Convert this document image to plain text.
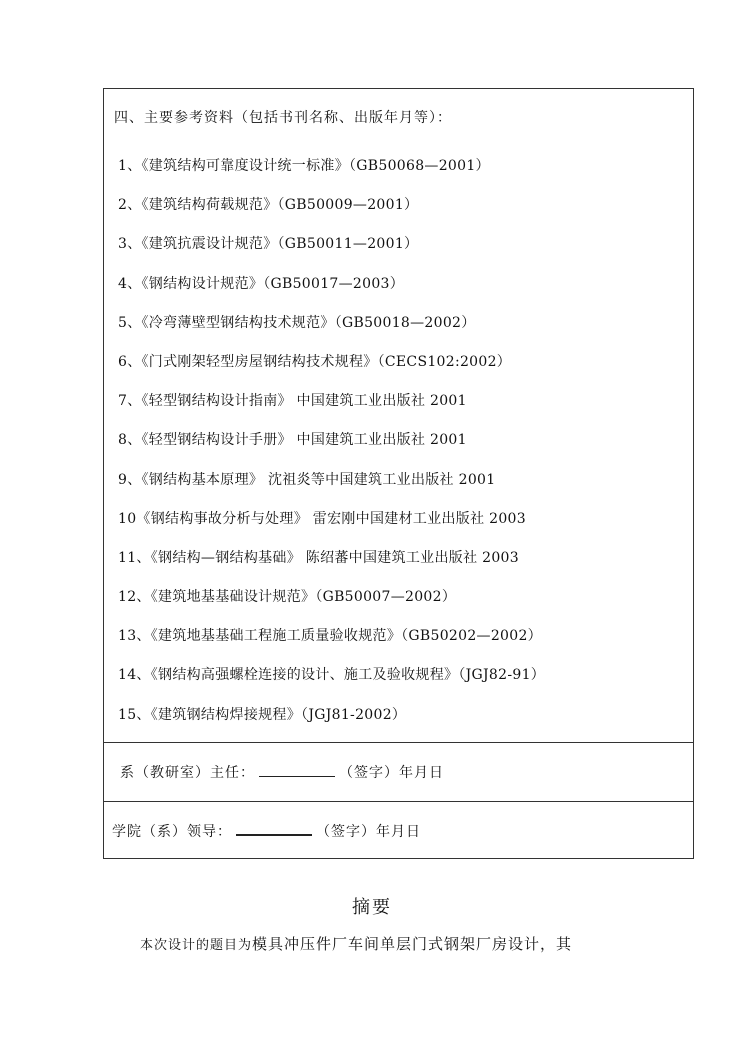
四、主要参考资料（包括书刊名称、出版年月等）：
1、《建筑结构可靠度设计统一标准》（GB50068—2001）
2、《建筑结构荷载规范》（GB50009—2001）
3、《建筑抗震设计规范》（GB50011—2001）
4、《钢结构设计规范》（GB50017—2003）
5、《冷弯薄壁型钢结构技术规范》（GB50018—2002）
6、《门式刚架轻型房屋钢结构技术规程》（CECS102:2002）
7、《轻型钢结构设计指南》 中国建筑工业出版社 2001
8、《轻型钢结构设计手册》 中国建筑工业出版社 2001
9、《钢结构基本原理》 沈祖炎等中国建筑工业出版社 2001
10《钢结构事故分析与处理》 雷宏刚中国建材工业出版社 2003
11、《钢结构—钢结构基础》 陈绍蕃中国建筑工业出版社 2003
12、《建筑地基基础设计规范》（GB50007—2002）
13、《建筑地基基础工程施工质量验收规范》（GB50202—2002）
14、《钢结构高强螺栓连接的设计、施工及验收规程》（JGJ82-91）
15、《建筑钢结构焊接规程》（JGJ81-2002）
系（教研室）主任：	（签字）年月日
学院（系）领导：	（签字）年月日
摘要
本次设计的题目为模具冲压件厂车间单层门式钢架厂房设计，其
